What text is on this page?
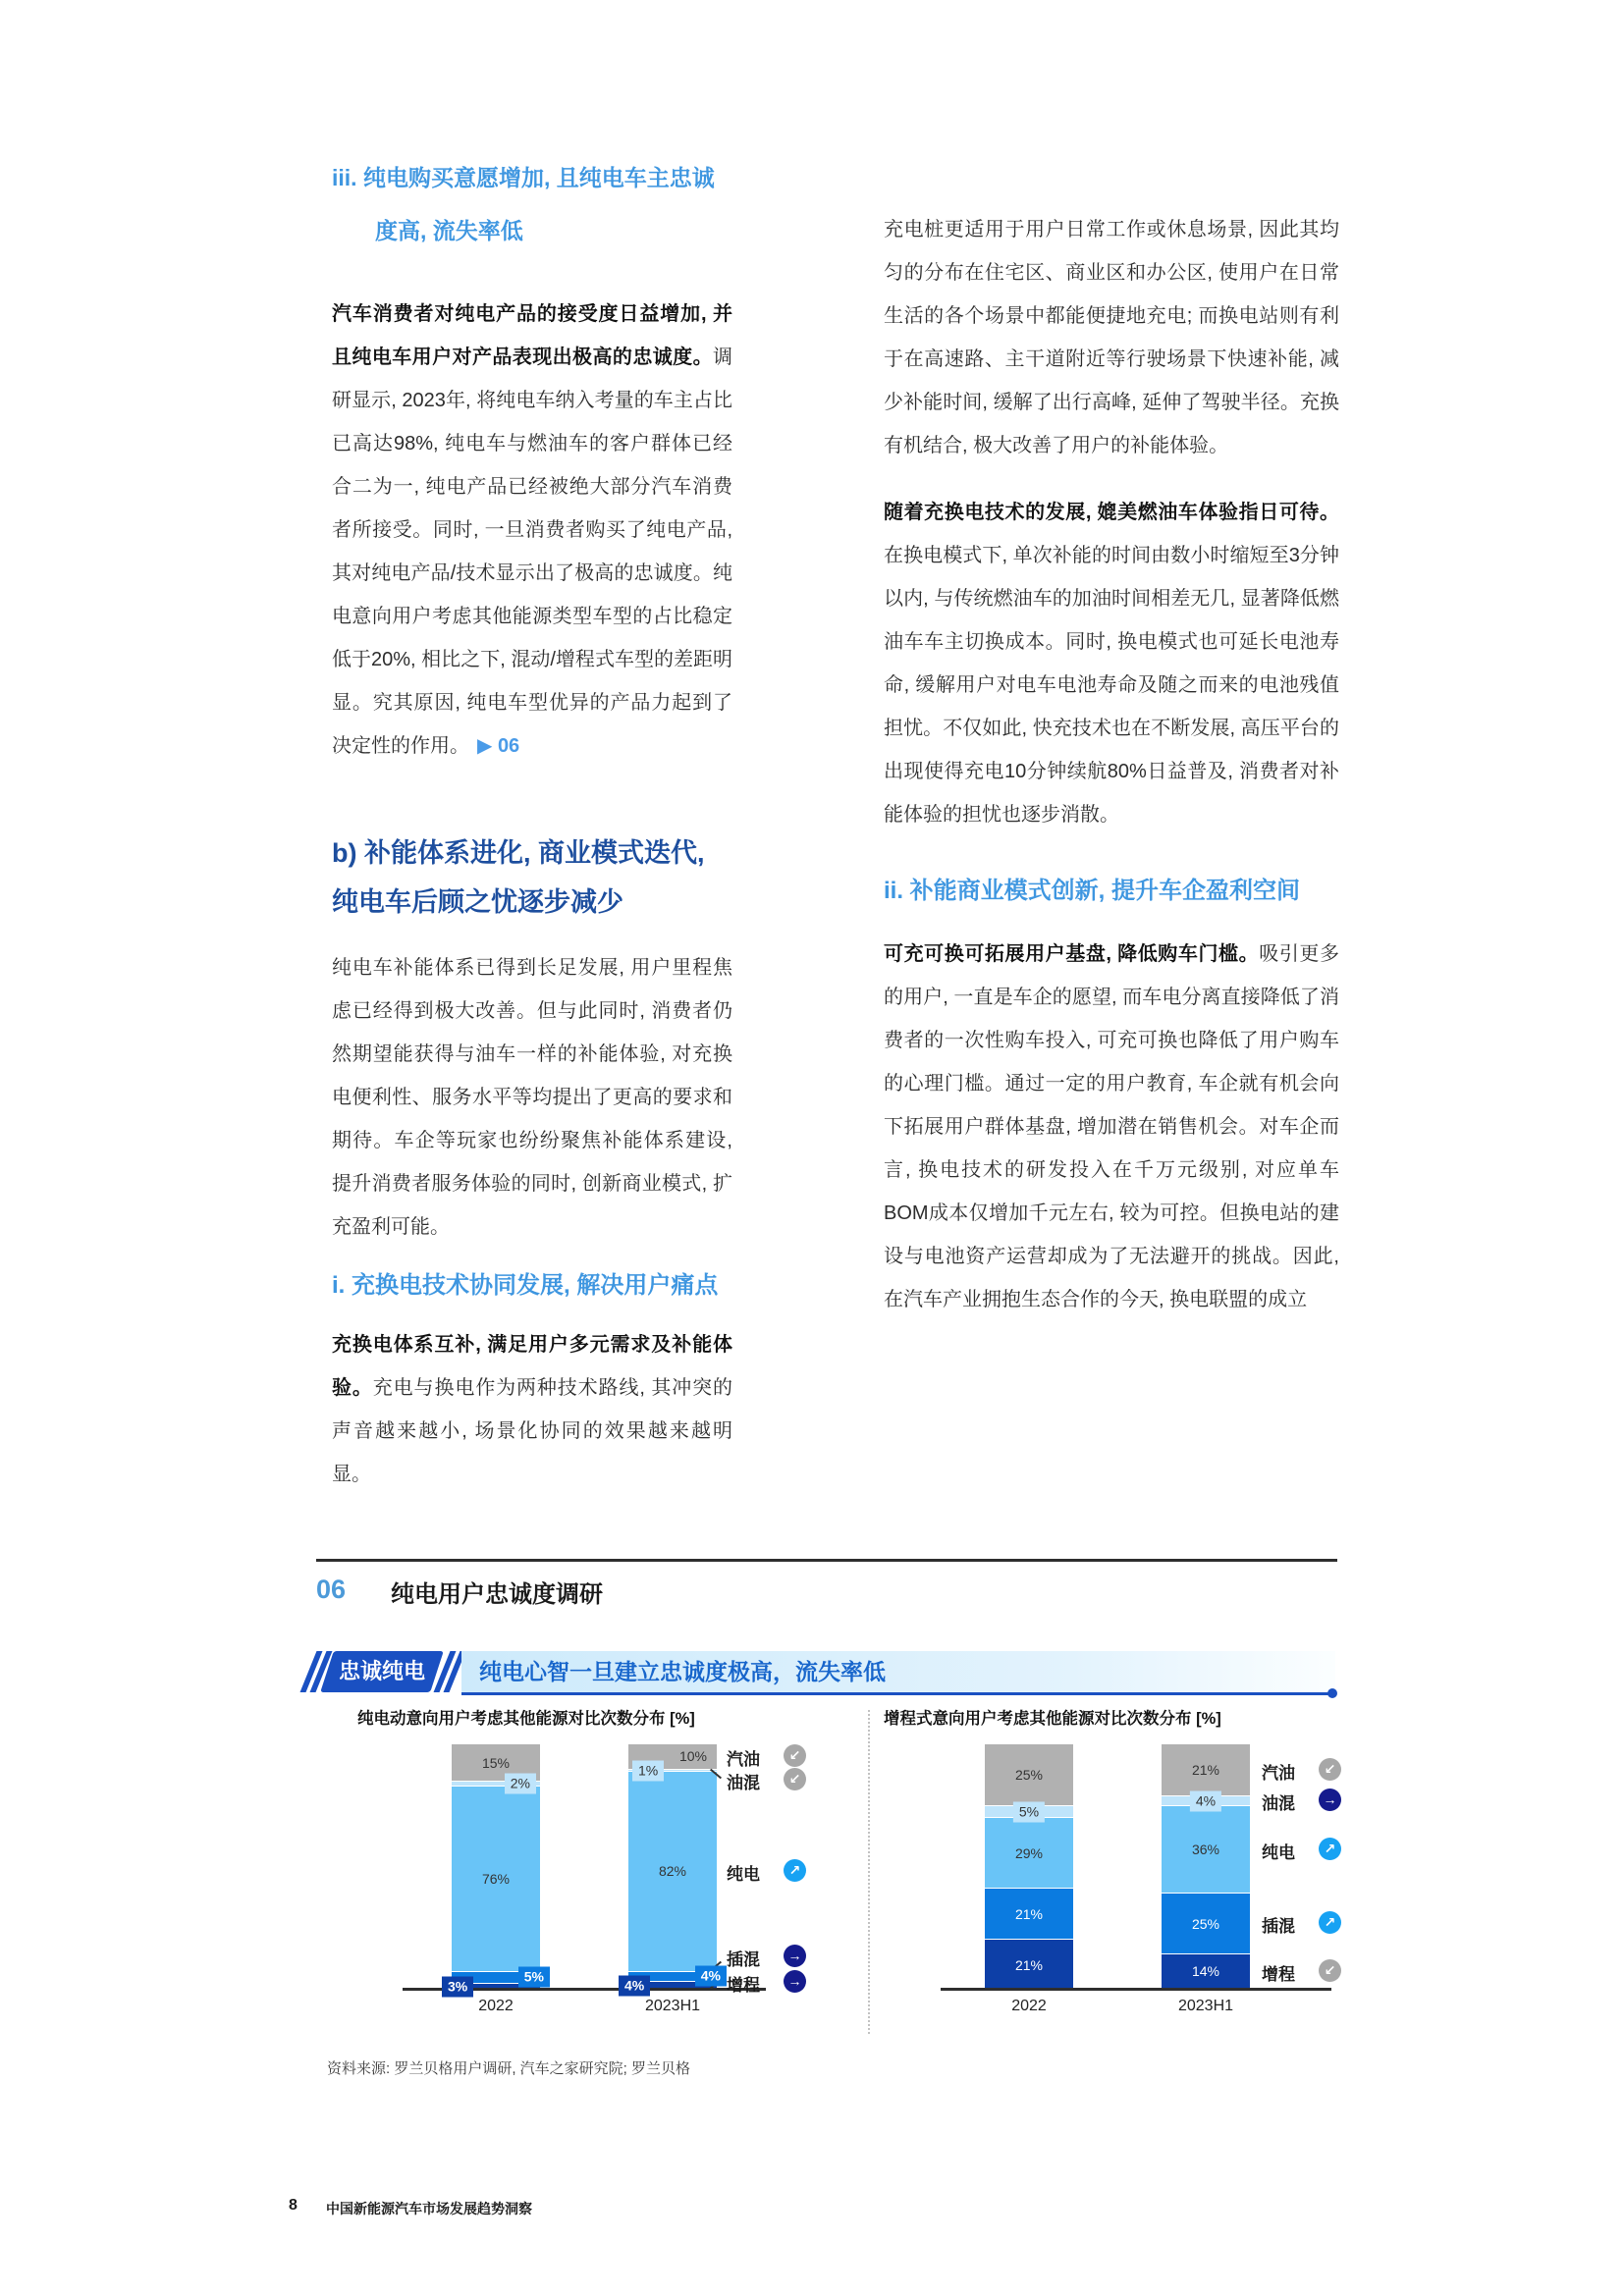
iii. 纯电购买意愿增加, 且纯电车主忠诚度高, 流失率低

汽车消费者对纯电产品的接受度日益增加, 并且纯电车用户对产品表现出极高的忠诚度。调研显示, 2023年, 将纯电车纳入考量的车主占比已高达98%, 纯电车与燃油车的客户群体已经合二为一, 纯电产品已经被绝大部分汽车消费者所接受。同时, 一旦消费者购买了纯电产品, 其对纯电产品/技术显示出了极高的忠诚度。纯电意向用户考虑其他能源类型车型的占比稳定低于20%, 相比之下, 混动/增程式车型的差距明显。究其原因, 纯电车型优异的产品力起到了决定性的作用。 ▶ 06

b) 补能体系进化, 商业模式迭代, 纯电车后顾之忧逐步减少

纯电车补能体系已得到长足发展, 用户里程焦虑已经得到极大改善。但与此同时, 消费者仍然期望能获得与油车一样的补能体验, 对充换电便利性、服务水平等均提出了更高的要求和期待。车企等玩家也纷纷聚焦补能体系建设, 提升消费者服务体验的同时, 创新商业模式, 扩充盈利可能。

i. 充换电技术协同发展, 解决用户痛点

充换电体系互补, 满足用户多元需求及补能体验。充电与换电作为两种技术路线, 其冲突的声音越来越小, 场景化协同的效果越来越明显。

充电桩更适用于用户日常工作或休息场景, 因此其均匀的分布在住宅区、商业区和办公区, 使用户在日常生活的各个场景中都能便捷地充电; 而换电站则有利于在高速路、主干道附近等行驶场景下快速补能, 减少补能时间, 缓解了出行高峰, 延伸了驾驶半径。充换有机结合, 极大改善了用户的补能体验。

随着充换电技术的发展, 媲美燃油车体验指日可待。在换电模式下, 单次补能的时间由数小时缩短至3分钟以内, 与传统燃油车的加油时间相差无几, 显著降低燃油车车主切换成本。同时, 换电模式也可延长电池寿命, 缓解用户对电车电池寿命及随之而来的电池残值担忧。不仅如此, 快充技术也在不断发展, 高压平台的出现使得充电10分钟续航80%日益普及, 消费者对补能体验的担忧也逐步消散。

ii. 补能商业模式创新, 提升车企盈利空间

可充可换可拓展用户基盘, 降低购车门槛。吸引更多的用户, 一直是车企的愿望, 而车电分离直接降低了消费者的一次性购车投入, 可充可换也降低了用户购车的心理门槛。通过一定的用户教育, 车企就有机会向下拓展用户群体基盘, 增加潜在销售机会。对车企而言, 换电技术的研发投入在千万元级别, 对应单车BOM成本仅增加千元左右, 较为可控。但换电站的建设与电池资产运营却成为了无法避开的挑战。因此, 在汽车产业拥抱生态合作的今天, 换电联盟的成立

06 纯电用户忠诚度调研
忠诚纯电	纯电心智一旦建立忠诚度极高，流失率低
纯电动意向用户考虑其他能源对比次数分布 [%]
15%
2%
76%
5%
3%
2022
10%
1%
82%
4%
4%
2023H1
汽油	↙
油混	↙
纯电	↗
插混	→
增程	→
增程式意向用户考虑其他能源对比次数分布 [%]
25%
5%
29%
21%
21%
2022
21%
4%
36%
25%
14%
2023H1
汽油	↙
油混	→
纯电	↗
插混	↗
增程	↙
资料来源: 罗兰贝格用户调研, 汽车之家研究院; 罗兰贝格
8 中国新能源汽车市场发展趋势洞察
